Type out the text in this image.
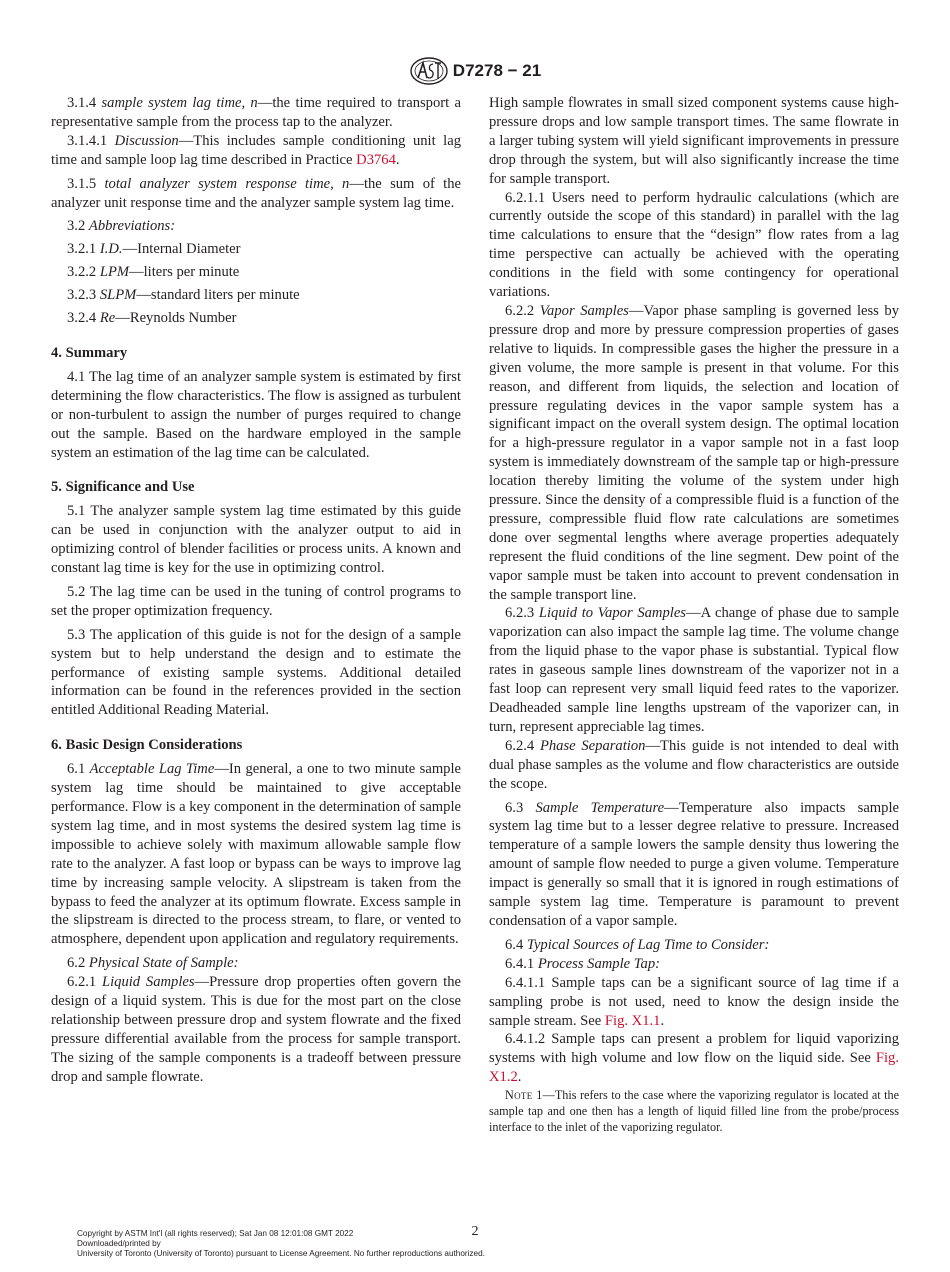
D7278 − 21

3.1.4 sample system lag time, n—the time required to transport a representative sample from the process tap to the analyzer.

3.1.4.1 Discussion—This includes sample conditioning unit lag time and sample loop lag time described in Practice D3764.

3.1.5 total analyzer system response time, n—the sum of the analyzer unit response time and the analyzer sample system lag time.

3.2 Abbreviations:

3.2.1 I.D.—Internal Diameter

3.2.2 LPM—liters per minute

3.2.3 SLPM—standard liters per minute

3.2.4 Re—Reynolds Number

4. Summary

4.1 The lag time of an analyzer sample system is estimated by first determining the flow characteristics. The flow is assigned as turbulent or non-turbulent to assign the number of purges required to change out the sample. Based on the hardware employed in the sample system an estimation of the lag time can be calculated.

5. Significance and Use

5.1 The analyzer sample system lag time estimated by this guide can be used in conjunction with the analyzer output to aid in optimizing control of blender facilities or process units. A known and constant lag time is key for the use in optimizing control.

5.2 The lag time can be used in the tuning of control programs to set the proper optimization frequency.

5.3 The application of this guide is not for the design of a sample system but to help understand the design and to estimate the performance of existing sample systems. Additional detailed information can be found in the references provided in the section entitled Additional Reading Material.

6. Basic Design Considerations

6.1 Acceptable Lag Time—In general, a one to two minute sample system lag time should be maintained to give acceptable performance. Flow is a key component in the determination of sample system lag time, and in most systems the desired system lag time is impossible to achieve solely with maximum allowable sample flow rate to the analyzer. A fast loop or bypass can be ways to improve lag time by increasing sample velocity. A slipstream is taken from the bypass to feed the analyzer at its optimum flowrate. Excess sample in the slipstream is directed to the process stream, to flare, or vented to atmosphere, dependent upon application and regulatory requirements.

6.2 Physical State of Sample:

6.2.1 Liquid Samples—Pressure drop properties often govern the design of a liquid system. This is due for the most part on the close relationship between pressure drop and system flowrate and the fixed pressure differential available from the process for sample transport. The sizing of the sample components is a tradeoff between pressure drop and sample flowrate.

High sample flowrates in small sized component systems cause high-pressure drops and low sample transport times. The same flowrate in a larger tubing system will yield significant improvements in pressure drop through the system, but will also significantly increase the time for sample transport.

6.2.1.1 Users need to perform hydraulic calculations (which are currently outside the scope of this standard) in parallel with the lag time calculations to ensure that the “design” flow rates from a lag time perspective can actually be achieved with the operating conditions in the field with some contingency for operational variations.

6.2.2 Vapor Samples—Vapor phase sampling is governed less by pressure drop and more by pressure compression properties of gases relative to liquids. In compressible gases the higher the pressure in a given volume, the more sample is present in that volume. For this reason, and different from liquids, the selection and location of pressure regulating devices in the vapor sample system has a significant impact on the overall system design. The optimal location for a high-pressure regulator in a vapor sample not in a fast loop system is immediately downstream of the sample tap or high-pressure location thereby limiting the volume of the system under high pressure. Since the density of a compressible fluid is a function of the pressure, compressible fluid flow rate calculations are sometimes done over segmental lengths where average properties adequately represent the fluid conditions of the line segment. Dew point of the vapor sample must be taken into account to prevent condensation in the sample transport line.

6.2.3 Liquid to Vapor Samples—A change of phase due to sample vaporization can also impact the sample lag time. The volume change from the liquid phase to the vapor phase is substantial. Typical flow rates in gaseous sample lines downstream of the vaporizer not in a fast loop can represent very small liquid feed rates to the vaporizer. Deadheaded sample line lengths upstream of the vaporizer can, in turn, represent appreciable lag times.

6.2.4 Phase Separation—This guide is not intended to deal with dual phase samples as the volume and flow characteristics are outside the scope.

6.3 Sample Temperature—Temperature also impacts sample system lag time but to a lesser degree relative to pressure. Increased temperature of a sample lowers the sample density thus lowering the amount of sample flow needed to purge a given volume. Temperature impact is generally so small that it is ignored in rough estimations of sample system lag time. Temperature is paramount to prevent condensation of a vapor sample.

6.4 Typical Sources of Lag Time to Consider:

6.4.1 Process Sample Tap:

6.4.1.1 Sample taps can be a significant source of lag time if a sampling probe is not used, need to know the design inside the sample stream. See Fig. X1.1.

6.4.1.2 Sample taps can present a problem for liquid vaporizing systems with high volume and low flow on the liquid side. See Fig. X1.2.

Note 1—This refers to the case where the vaporizing regulator is located at the sample tap and one then has a length of liquid filled line from the probe/process interface to the inlet of the vaporizing regulator.

2
Copyright by ASTM Int'l (all rights reserved); Sat Jan 08 12:01:08 GMT 2022
Downloaded/printed by
University of Toronto (University of Toronto) pursuant to License Agreement. No further reproductions authorized.
